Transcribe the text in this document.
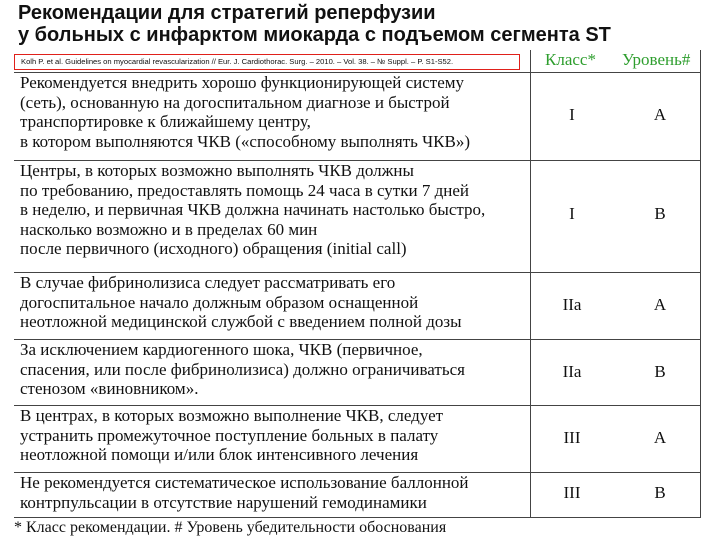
Рекомендации для стратегий реперфузии
у больных с инфарктом миокарда с подъемом сегмента ST
Kolh P. et al. Guidelines on myocardial revascularization // Eur. J. Cardiothorac. Surg. – 2010. – Vol. 38. – № Suppl. – P. S1-S52.	Класс* Уровень#
Рекомендуется внедрить хорошо функционирующей систему
(сеть), основанную на догоспитальном диагнозе и быстрой
транспортировке к ближайшему центру,
в котором выполняются ЧКВ («способному выполнять ЧКВ»)
I	A
Центры, в которых возможно выполнять ЧКВ должны
по требованию, предоставлять помощь 24 часа в сутки 7 дней
в неделю, и первичная ЧКВ должна начинать настолько быстро,
насколько возможно и в пределах 60 мин
после первичного (исходного) обращения (initial call)
I	B
В случае фибринолизиса следует рассматривать его
догоспитальное начало должным образом оснащенной
неотложной медицинской службой с введением полной дозы
IIa	A
За исключением кардиогенного шока, ЧКВ (первичное,
спасения, или после фибринолизиса) должно ограничиваться
стенозом «виновником».
IIa	B
В центрах, в которых возможно выполнение ЧКВ, следует
устранить промежуточное поступление больных в палату
неотложной помощи и/или блок интенсивного лечения
III	A
Не рекомендуется систематическое использование баллонной
контрпульсации в отсутствие нарушений гемодинамики	III	B
* Класс рекомендации. # Уровень убедительности обоснования
